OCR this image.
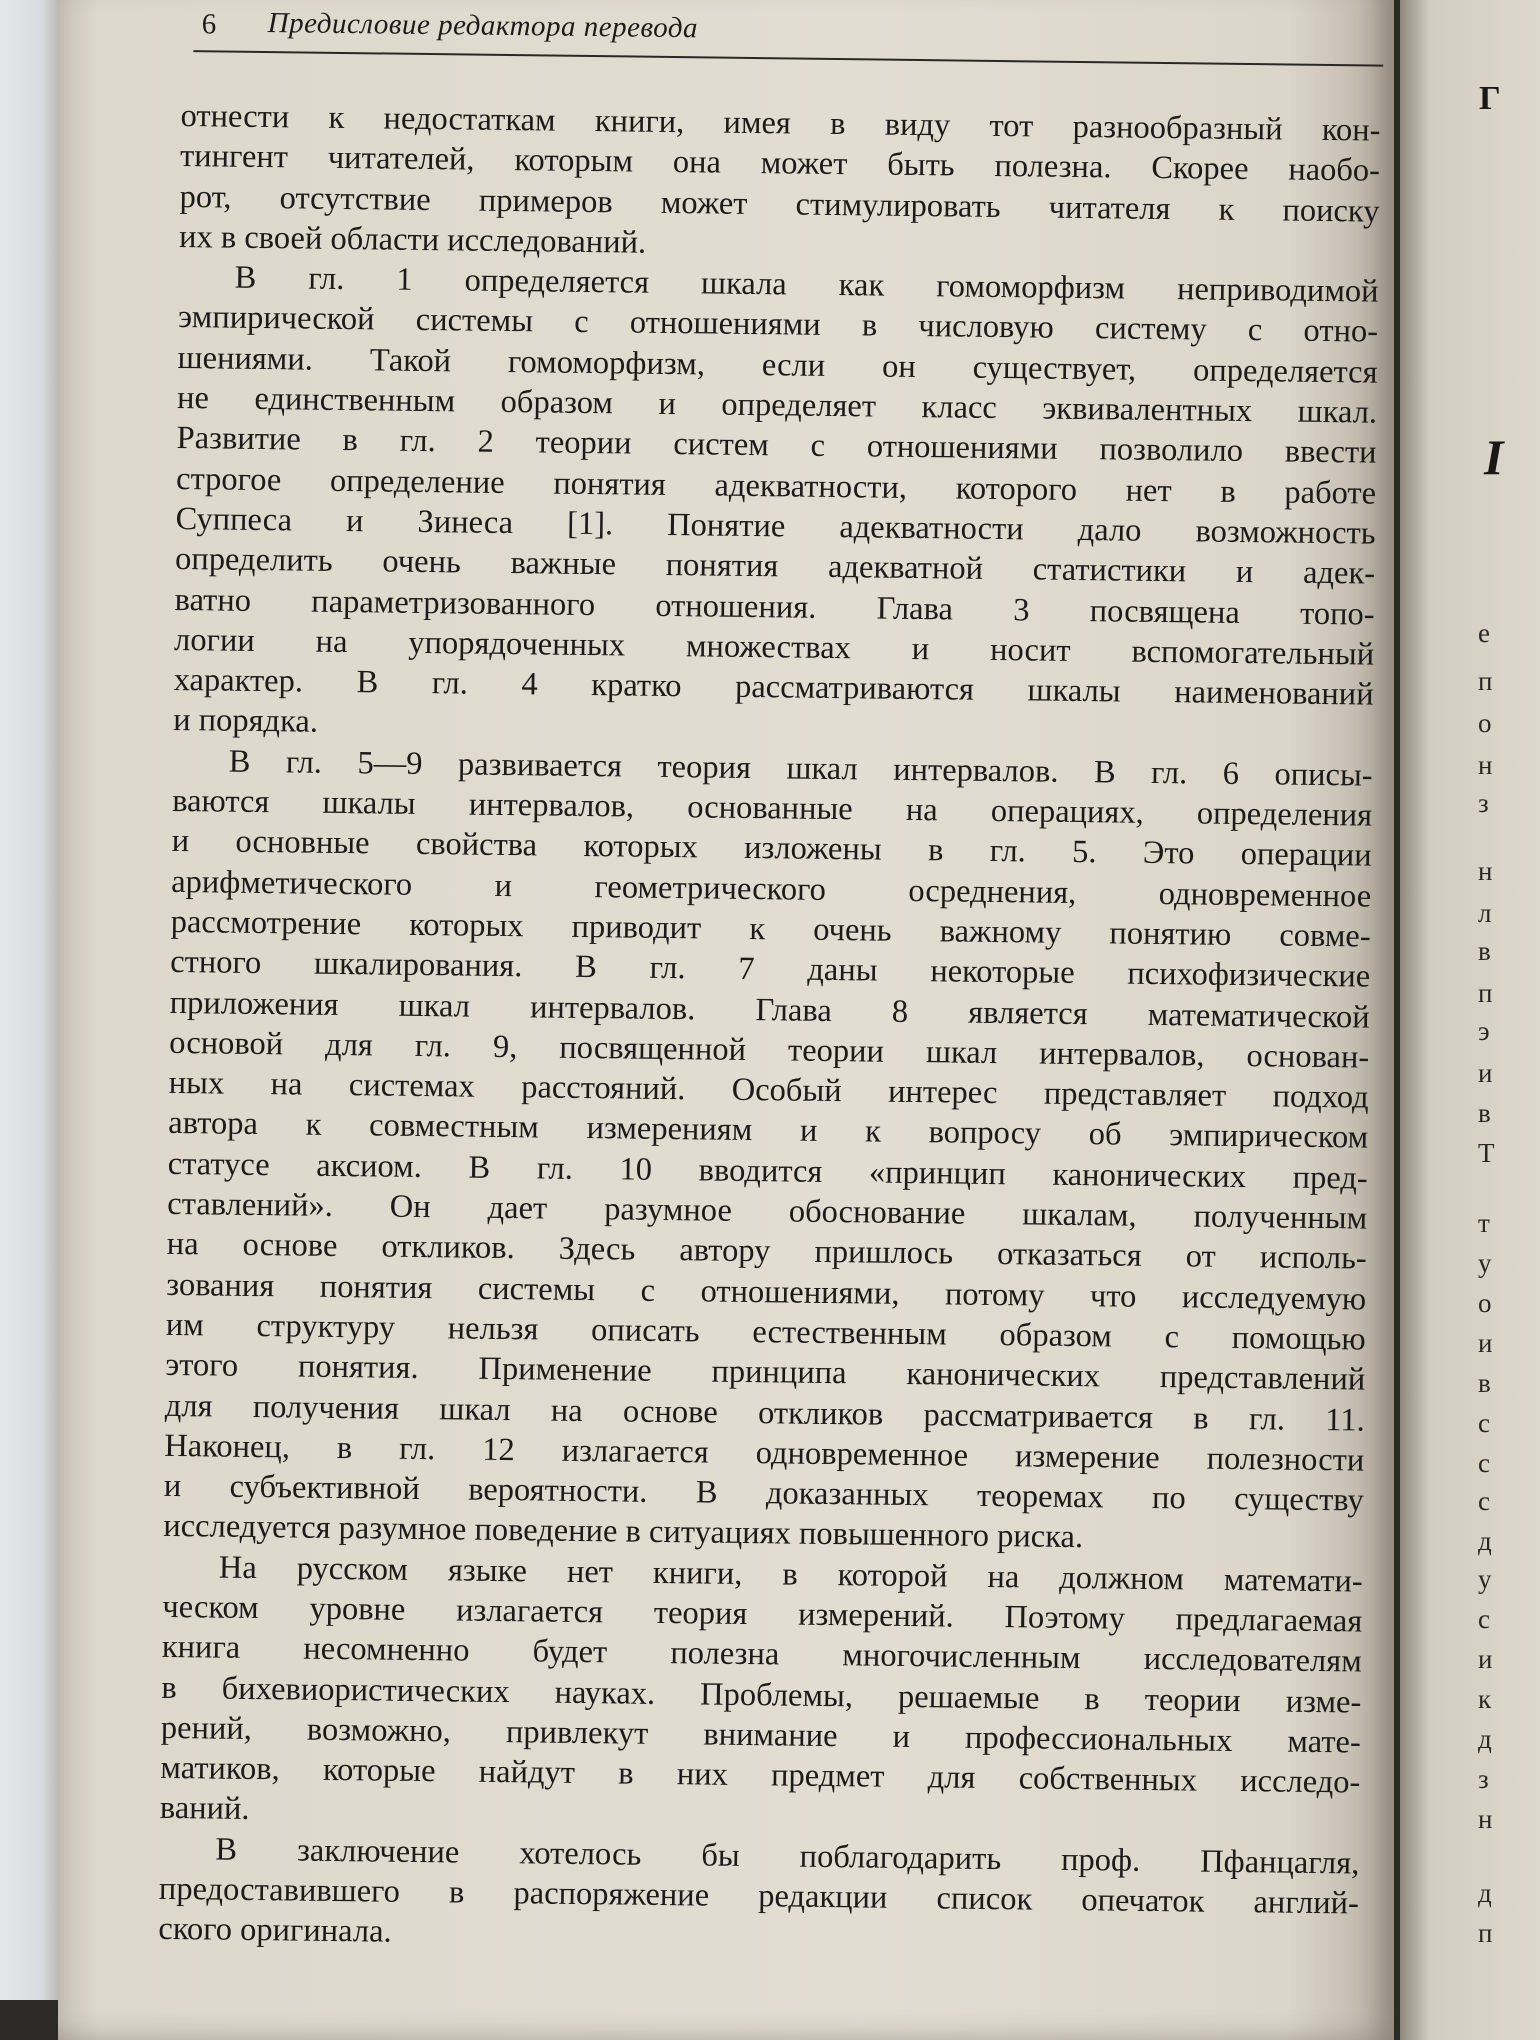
6 Предисловие редактора перевода
отнести к недостаткам книги, имея в виду тот разнообразный кон-
тингент читателей, которым она может быть полезна. Скорее наобо-
рот, отсутствие примеров может стимулировать читателя к поиску
их в своей области исследований.
В гл. 1 определяется шкала как гомоморфизм неприводимой
эмпирической системы с отношениями в числовую систему с отно-
шениями. Такой гомоморфизм, если он существует, определяется
не единственным образом и определяет класс эквивалентных шкал.
Развитие в гл. 2 теории систем с отношениями позволило ввести
строгое определение понятия адекватности, которого нет в работе
Суппеса и Зинеса [1]. Понятие адекватности дало возможность
определить очень важные понятия адекватной статистики и адек-
ватно параметризованного отношения. Глава 3 посвящена топо-
логии на упорядоченных множествах и носит вспомогательный
характер. В гл. 4 кратко рассматриваются шкалы наименований
и порядка.
В гл. 5—9 развивается теория шкал интервалов. В гл. 6 описы-
ваются шкалы интервалов, основанные на операциях, определения
и основные свойства которых изложены в гл. 5. Это операции
арифметического и геометрического осреднения, одновременное
рассмотрение которых приводит к очень важному понятию совме-
стного шкалирования. В гл. 7 даны некоторые психофизические
приложения шкал интервалов. Глава 8 является математической
основой для гл. 9, посвященной теории шкал интервалов, основан-
ных на системах расстояний. Особый интерес представляет подход
автора к совместным измерениям и к вопросу об эмпирическом
статусе аксиом. В гл. 10 вводится «принцип канонических пред-
ставлений». Он дает разумное обоснование шкалам, полученным
на основе откликов. Здесь автору пришлось отказаться от исполь-
зования понятия системы с отношениями, потому что исследуемую
им структуру нельзя описать естественным образом с помощью
этого понятия. Применение принципа канонических представлений
для получения шкал на основе откликов рассматривается в гл. 11.
Наконец, в гл. 12 излагается одновременное измерение полезности
и субъективной вероятности. В доказанных теоремах по существу
исследуется разумное поведение в ситуациях повышенного риска.
На русском языке нет книги, в которой на должном математи-
ческом уровне излагается теория измерений. Поэтому предлагаемая
книга несомненно будет полезна многочисленным исследователям
в бихевиористических науках. Проблемы, решаемые в теории изме-
рений, возможно, привлекут внимание и профессиональных мате-
матиков, которые найдут в них предмет для собственных исследо-
ваний.
В заключение хотелось бы поблагодарить проф. Пфанцагля,
предоставившего в распоряжение редакции список опечаток англий-
ского оригинала.
Г
I
е
п
о
н
з
н
л
в
п
э
и
в
Т
т
у
о
и
в
с
с
с
д
у
с
и
к
д
з
н
д
п
